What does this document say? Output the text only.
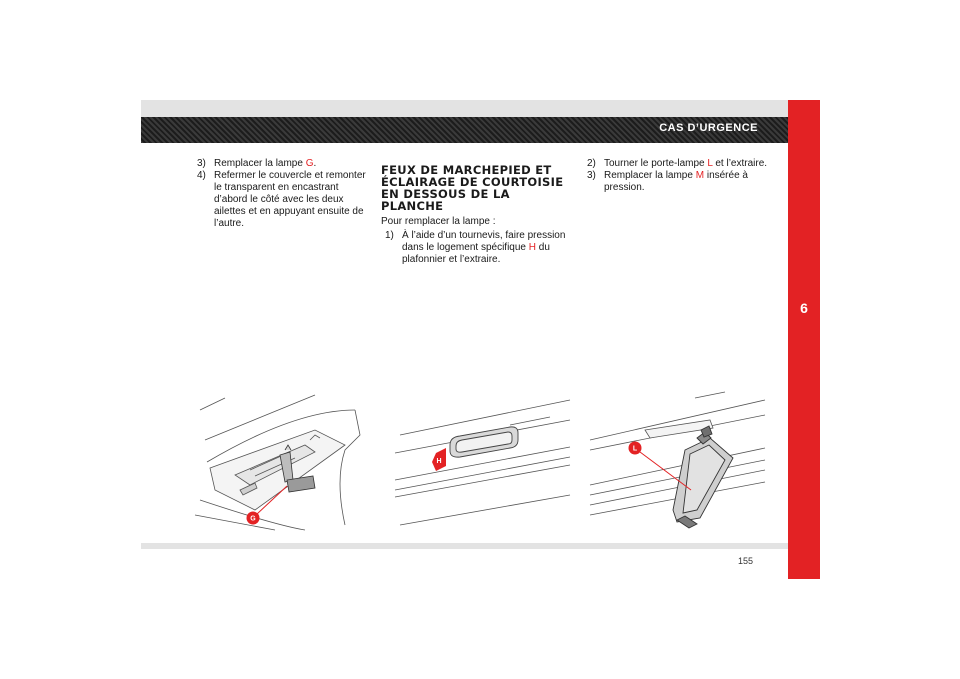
CAS D’URGENCE
6

3) Remplacer la lampe G.

4) Refermer le couvercle et remonter le transparent en encastrant d’abord le côté avec les deux ailettes et en appuyant ensuite de l’autre.

FEUX DE MARCHEPIED ET ÉCLAIRAGE DE COURTOISIE EN DESSOUS DE LA PLANCHE

Pour remplacer la lampe :

1) À l’aide d’un tournevis, faire pression dans le logement spécifique H du plafonnier et l’extraire.

2) Tourner le porte-lampe L et l’extraire.

3) Remplacer la lampe M insérée à pression.

G
H
L
155
